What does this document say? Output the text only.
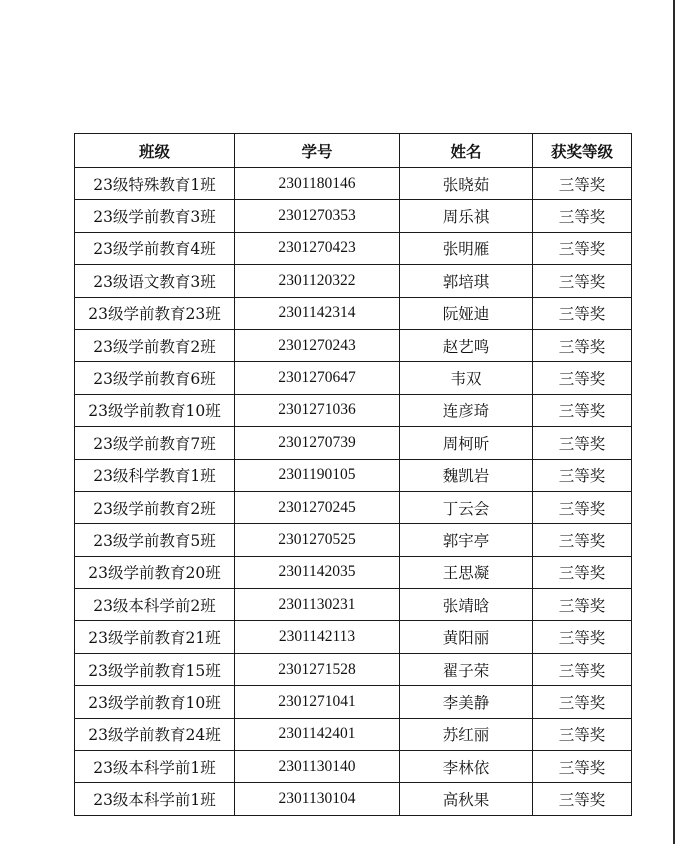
班级	学号	姓名	获奖等级
23级特殊教育1班	2301180146	张晓茹	三等奖
23级学前教育3班	2301270353	周乐祺	三等奖
23级学前教育4班	2301270423	张明雁	三等奖
23级语文教育3班	2301120322	郭培琪	三等奖
23级学前教育23班	2301142314	阮娅迪	三等奖
23级学前教育2班	2301270243	赵艺鸣	三等奖
23级学前教育6班	2301270647	韦双	三等奖
23级学前教育10班	2301271036	连彦琦	三等奖
23级学前教育7班	2301270739	周柯昕	三等奖
23级科学教育1班	2301190105	魏凯岩	三等奖
23级学前教育2班	2301270245	丁云会	三等奖
23级学前教育5班	2301270525	郭宇亭	三等奖
23级学前教育20班	2301142035	王思凝	三等奖
23级本科学前2班	2301130231	张靖晗	三等奖
23级学前教育21班	2301142113	黄阳丽	三等奖
23级学前教育15班	2301271528	翟子荣	三等奖
23级学前教育10班	2301271041	李美静	三等奖
23级学前教育24班	2301142401	苏红丽	三等奖
23级本科学前1班	2301130140	李林依	三等奖
23级本科学前1班	2301130104	高秋果	三等奖
